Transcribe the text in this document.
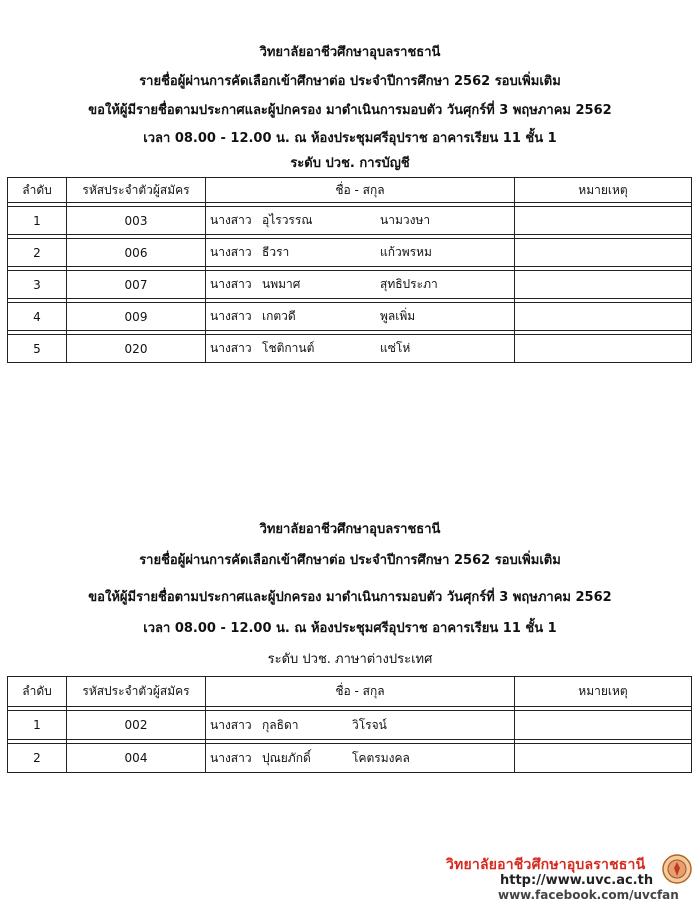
วิทยาลัยอาชีวศึกษาอุบลราชธานี

รายชื่อผู้ผ่านการคัดเลือกเข้าศึกษาต่อ ประจำปีการศึกษา 2562 รอบเพิ่มเติม

ขอให้ผู้มีรายชื่อตามประกาศและผู้ปกครอง มาดำเนินการมอบตัว วันศุกร์ที่ 3 พฤษภาคม 2562

เวลา 08.00 - 12.00 น. ณ ห้องประชุมศรีอุปราช อาคารเรียน 11 ชั้น 1

ระดับ ปวช. การบัญชี

ลำดับ	รหัสประจำตัวผู้สมัคร	ชื่อ - สกุล	หมายเหตุ

1	003	นางสาว อุไรวรรณ นามวงษา	

2	006	นางสาว ธีวรา แก้วพรหม	

3	007	นางสาว นพมาศ สุทธิประภา	

4	009	นางสาว เกตวดี พูลเพิ่ม	

5	020	นางสาว โชติกานต์ แซ่โห่	

วิทยาลัยอาชีวศึกษาอุบลราชธานี

รายชื่อผู้ผ่านการคัดเลือกเข้าศึกษาต่อ ประจำปีการศึกษา 2562 รอบเพิ่มเติม

ขอให้ผู้มีรายชื่อตามประกาศและผู้ปกครอง มาดำเนินการมอบตัว วันศุกร์ที่ 3 พฤษภาคม 2562

เวลา 08.00 - 12.00 น. ณ ห้องประชุมศรีอุปราช อาคารเรียน 11 ชั้น 1

ระดับ ปวช. ภาษาต่างประเทศ

ลำดับ	รหัสประจำตัวผู้สมัคร	ชื่อ - สกุล	หมายเหตุ

1	002	นางสาว กุลธิดา วิโรจน์	

2	004	นางสาว ปุณยภักดิ์ โคตรมงคล	
วิทยาลัยอาชีวศึกษาอุบลราชธานี
http://www.uvc.ac.th
www.facebook.com/uvcfan
